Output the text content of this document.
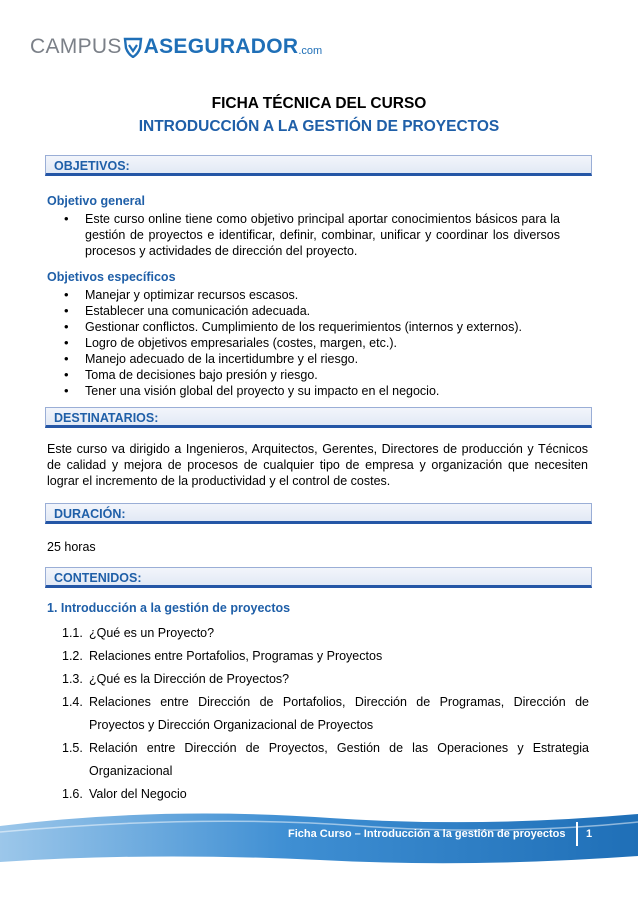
CAMPUS ASEGURADOR .com
FICHA TÉCNICA DEL CURSO
INTRODUCCIÓN A LA GESTIÓN DE PROYECTOS
OBJETIVOS:
Objetivo general
• Este curso online tiene como objetivo principal aportar conocimientos básicos para la gestión de proyectos e identificar, definir, combinar, unificar y coordinar los diversos procesos y actividades de dirección del proyecto.
Objetivos específicos
• Manejar y optimizar recursos escasos.
• Establecer una comunicación adecuada.
• Gestionar conflictos. Cumplimiento de los requerimientos (internos y externos).
• Logro de objetivos empresariales (costes, margen, etc.).
• Manejo adecuado de la incertidumbre y el riesgo.
• Toma de decisiones bajo presión y riesgo.
• Tener una visión global del proyecto y su impacto en el negocio.
DESTINATARIOS:
Este curso va dirigido a Ingenieros, Arquitectos, Gerentes, Directores de producción y Técnicos de calidad y mejora de procesos de cualquier tipo de empresa y organización que necesiten lograr el incremento de la productividad y el control de costes.
DURACIÓN:
25 horas
CONTENIDOS:
1. Introducción a la gestión de proyectos
1.1. ¿Qué es un Proyecto?
1.2. Relaciones entre Portafolios, Programas y Proyectos
1.3. ¿Qué es la Dirección de Proyectos?
1.4. Relaciones entre Dirección de Portafolios, Dirección de Programas, Dirección de Proyectos y Dirección Organizacional de Proyectos
1.5. Relación entre Dirección de Proyectos, Gestión de las Operaciones y Estrategia Organizacional
1.6. Valor del Negocio
Ficha Curso – Introducción a la gestión de proyectos 1
